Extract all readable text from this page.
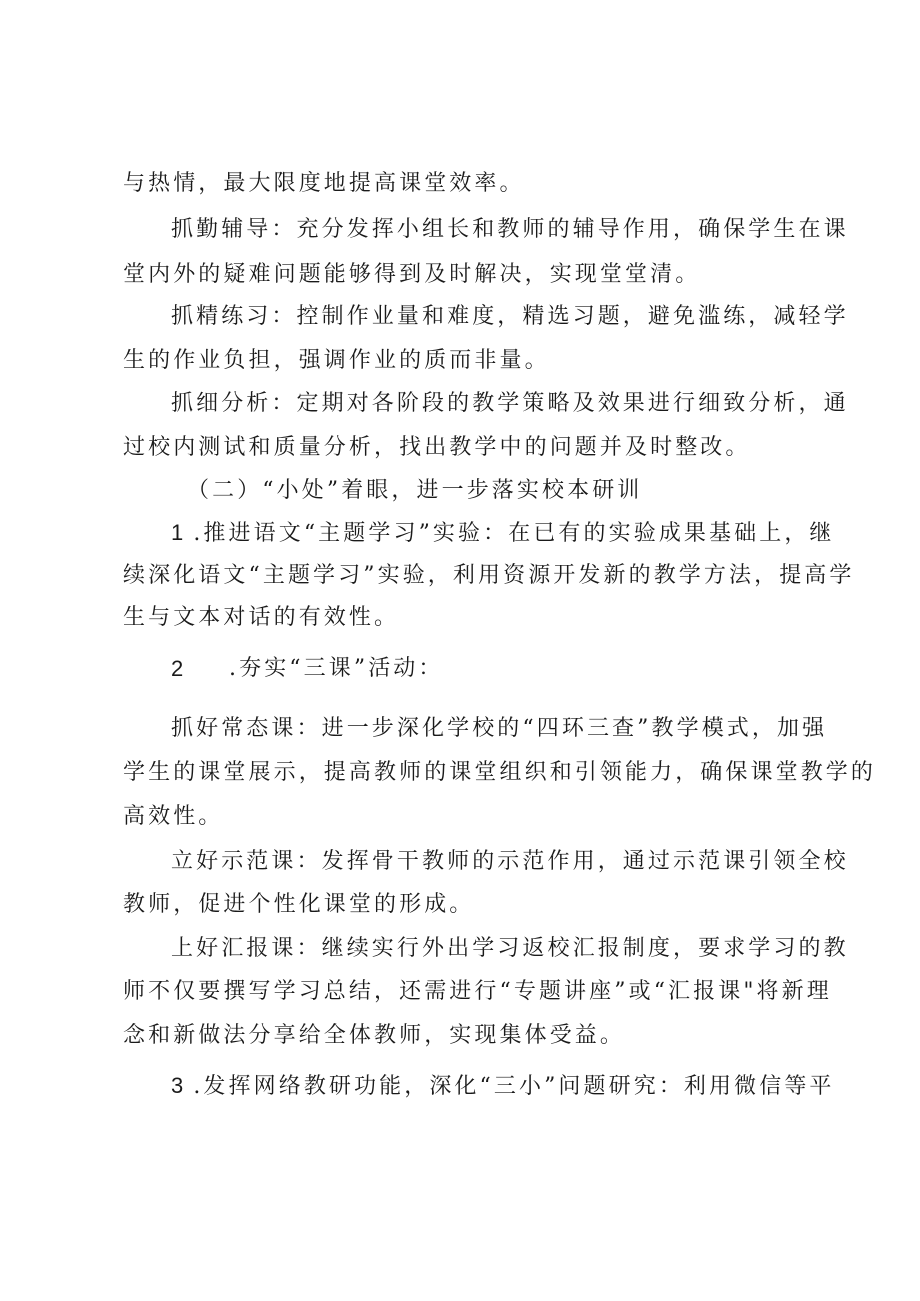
与热情，最大限度地提高课堂效率。
抓勤辅导：充分发挥小组长和教师的辅导作用，确保学生在课
堂内外的疑难问题能够得到及时解决，实现堂堂清。
抓精练习：控制作业量和难度，精选习题，避免滥练，减轻学
生的作业负担，强调作业的质而非量。
抓细分析：定期对各阶段的教学策略及效果进行细致分析，通
过校内测试和质量分析，找出教学中的问题并及时整改。
（二）“小处”着眼，进一步落实校本研训
1 .推进语文“主题学习”实验：在已有的实验成果基础上，继
续深化语文“主题学习”实验，利用资源开发新的教学方法，提高学
生与文本对话的有效性。
2 .夯实“三课”活动：
抓好常态课：进一步深化学校的“四环三查”教学模式，加强
学生的课堂展示，提高教师的课堂组织和引领能力，确保课堂教学的
高效性。
立好示范课：发挥骨干教师的示范作用，通过示范课引领全校
教师，促进个性化课堂的形成。
上好汇报课：继续实行外出学习返校汇报制度，要求学习的教
师不仅要撰写学习总结，还需进行“专题讲座”或“汇报课"将新理
念和新做法分享给全体教师，实现集体受益。
3 .发挥网络教研功能，深化“三小”问题研究：利用微信等平
